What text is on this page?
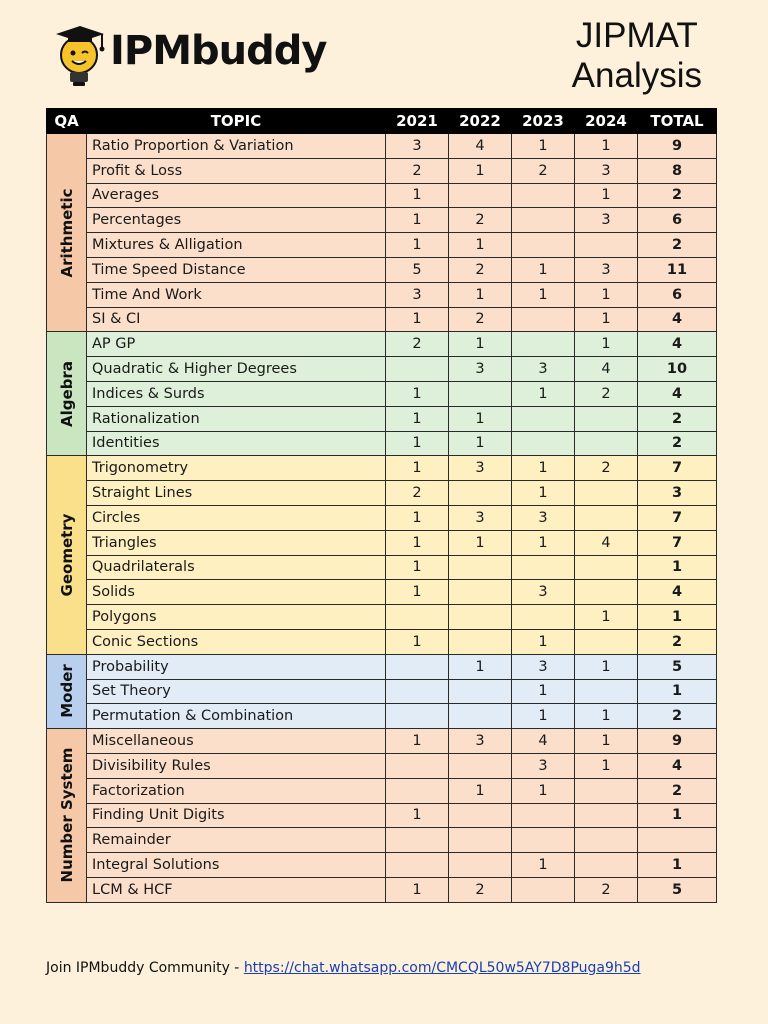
IPMbuddy	JIPMAT
Analysis
QA	TOPIC	2021	2022	2023	2024	TOTAL

Arithmetic	Ratio Proportion & Variation	3	4	1	1	9
	Profit & Loss	2	1	2	3	8
	Averages	1			1	2
	Percentages	1	2		3	6
	Mixtures & Alligation	1	1			2
	Time Speed Distance	5	2	1	3	11
	Time And Work	3	1	1	1	6
	SI & CI	1	2		1	4

Algebra	AP GP	2	1		1	4
	Quadratic & Higher Degrees		3	3	4	10
	Indices & Surds	1		1	2	4
	Rationalization	1	1			2
	Identities	1	1			2

Geometry	Trigonometry	1	3	1	2	7
	Straight Lines	2		1		3
	Circles	1	3	3		7
	Triangles	1	1	1	4	7
	Quadrilaterals	1				1
	Solids	1		3		4
	Polygons				1	1
	Conic Sections	1		1		2

Moder	Probability		1	3	1	5
	Set Theory			1		1
	Permutation & Combination			1	1	2

Number System	Miscellaneous	1	3	4	1	9
	Divisibility Rules			3	1	4
	Factorization		1	1		2
	Finding Unit Digits	1				1
	Remainder					
	Integral Solutions			1		1
	LCM & HCF	1	2		2	5
Join IPMbuddy Community - https://chat.whatsapp.com/CMCQL50w5AY7D8Puga9h5d
